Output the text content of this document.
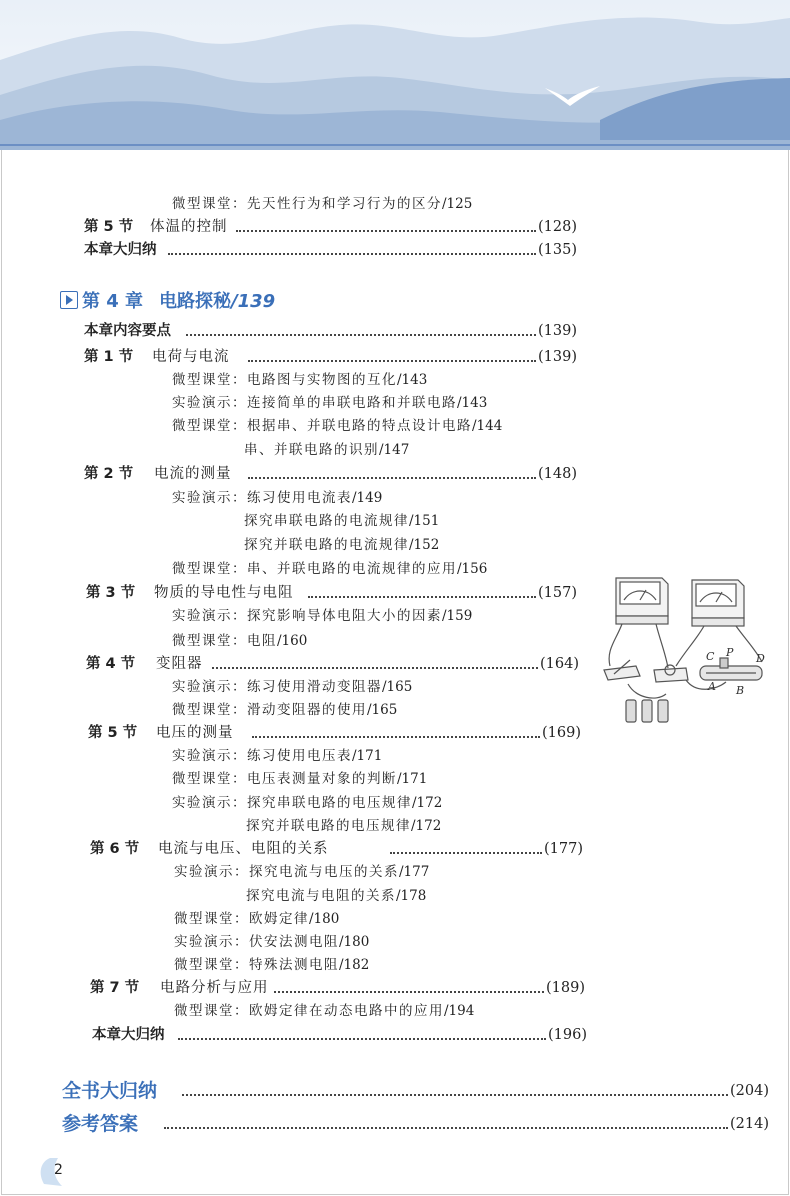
微型课堂：先天性行为和学习行为的区分/125
第 5 节 体温的控制	(128)
本章大归纳	(135)
第 4 章 电路探秘/139
本章内容要点	(139)
第 1 节 电荷与电流	(139)
微型课堂：电路图与实物图的互化/143
实验演示：连接简单的串联电路和并联电路/143
微型课堂：根据串、并联电路的特点设计电路/144
串、并联电路的识别/147
第 2 节 电流的测量	(148)
实验演示：练习使用电流表/149
探究串联电路的电流规律/151
探究并联电路的电流规律/152
微型课堂：串、并联电路的电流规律的应用/156
第 3 节 物质的导电性与电阻	(157)
实验演示：探究影响导体电阻大小的因素/159
微型课堂：电阻/160
第 4 节 变阻器	(164)
实验演示：练习使用滑动变阻器/165
微型课堂：滑动变阻器的使用/165
第 5 节 电压的测量	(169)
实验演示：练习使用电压表/171
微型课堂：电压表测量对象的判断/171
实验演示：探究串联电路的电压规律/172
探究并联电路的电压规律/172
第 6 节 电流与电压、电阻的关系	(177)
实验演示：探究电流与电压的关系/177
探究电流与电阻的关系/178
微型课堂：欧姆定律/180
实验演示：伏安法测电阻/180
微型课堂：特殊法测电阻/182
第 7 节 电路分析与应用	(189)
微型课堂：欧姆定律在动态电路中的应用/194
本章大归纳	(196)
全书大归纳	(204)
参考答案	(214)
C P D
A B
2
